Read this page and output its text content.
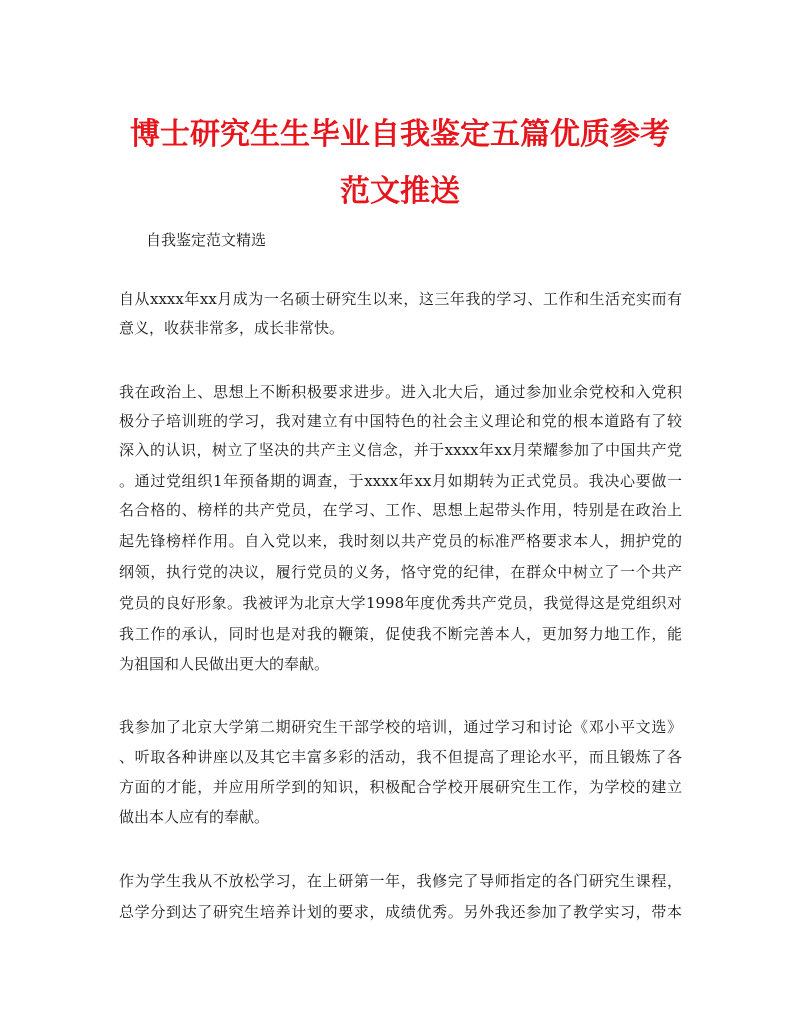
博士研究生生毕业自我鉴定五篇优质参考
范文推送
自我鉴定范文精选
自从xxxx年xx月成为一名硕士研究生以来，这三年我的学习、工作和生活充实而有
意义，收获非常多，成长非常快。
我在政治上、思想上不断积极要求进步。进入北大后，通过参加业余党校和入党积
极分子培训班的学习，我对建立有中国特色的社会主义理论和党的根本道路有了较
深入的认识，树立了坚决的共产主义信念，并于xxxx年xx月荣耀参加了中国共产党
。通过党组织1年预备期的调查，于xxxx年xx月如期转为正式党员。我决心要做一
名合格的、榜样的共产党员，在学习、工作、思想上起带头作用，特别是在政治上
起先锋榜样作用。自入党以来，我时刻以共产党员的标准严格要求本人，拥护党的
纲领，执行党的决议，履行党员的义务，恪守党的纪律，在群众中树立了一个共产
党员的良好形象。我被评为北京大学1998年度优秀共产党员，我觉得这是党组织对
我工作的承认，同时也是对我的鞭策，促使我不断完善本人，更加努力地工作，能
为祖国和人民做出更大的奉献。
我参加了北京大学第二期研究生干部学校的培训，通过学习和讨论《邓小平文选》
、听取各种讲座以及其它丰富多彩的活动，我不但提高了理论水平，而且锻炼了各
方面的才能，并应用所学到的知识，积极配合学校开展研究生工作，为学校的建立
做出本人应有的奉献。
作为学生我从不放松学习，在上研第一年，我修完了导师指定的各门研究生课程，
总学分到达了研究生培养计划的要求，成绩优秀。另外我还参加了教学实习，带本
